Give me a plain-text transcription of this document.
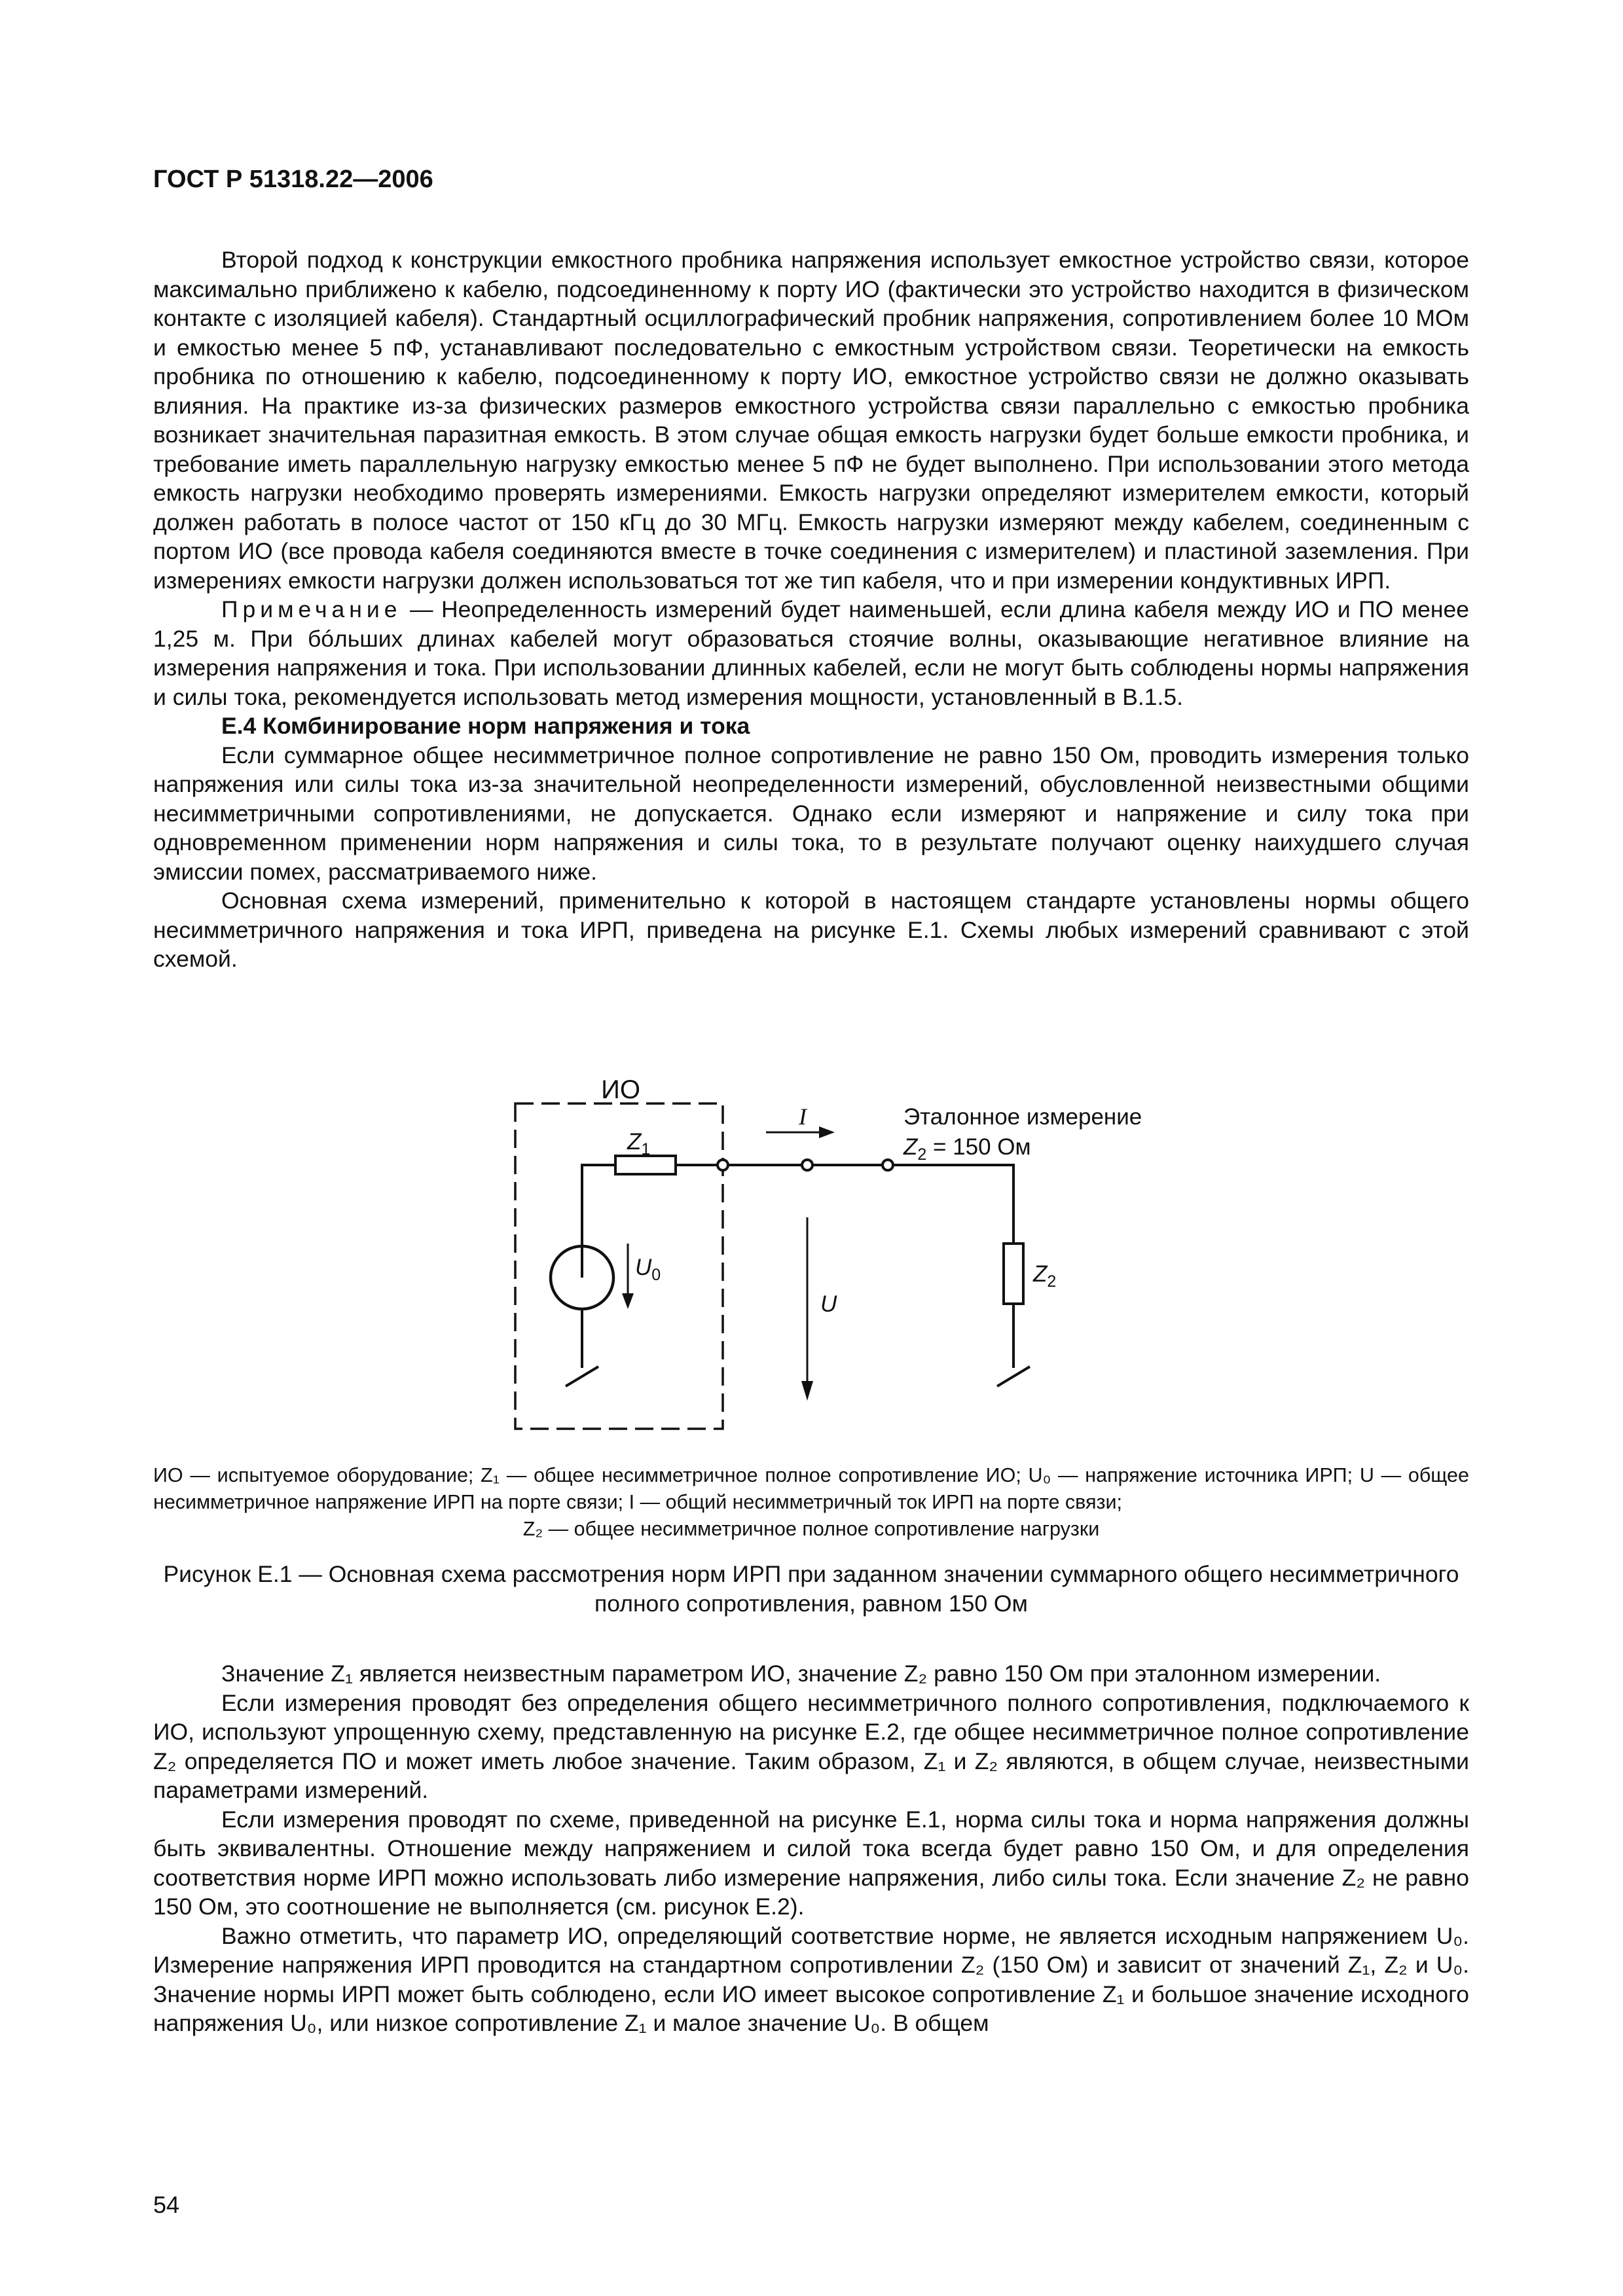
ГОСТ Р 51318.22—2006

Второй подход к конструкции емкостного пробника напряжения использует емкостное устройство связи, которое максимально приближено к кабелю, подсоединенному к порту ИО (фактически это устройство находится в физическом контакте с изоляцией кабеля). Стандартный осциллографический пробник напряжения, сопротивлением более 10 МОм и емкостью менее 5 пФ, устанавливают последовательно с емкостным устройством связи. Теоретически на емкость пробника по отношению к кабелю, подсоединенному к порту ИО, емкостное устройство связи не должно оказывать влияния. На практике из-за физических размеров емкостного устройства связи параллельно с емкостью пробника возникает значительная паразитная емкость. В этом случае общая емкость нагрузки будет больше емкости пробника, и требование иметь параллельную нагрузку емкостью менее 5 пФ не будет выполнено. При использовании этого метода емкость нагрузки необходимо проверять измерениями. Емкость нагрузки определяют измерителем емкости, который должен работать в полосе частот от 150 кГц до 30 МГц. Емкость нагрузки измеряют между кабелем, соединенным с портом ИО (все провода кабеля соединяются вместе в точке соединения с измерителем) и пластиной заземления. При измерениях емкости нагрузки должен использоваться тот же тип кабеля, что и при измерении кондуктивных ИРП.

Примечание — Неопределенность измерений будет наименьшей, если длина кабеля между ИО и ПО менее 1,25 м. При бóльших длинах кабелей могут образоваться стоячие волны, оказывающие негативное влияние на измерения напряжения и тока. При использовании длинных кабелей, если не могут быть соблюдены нормы напряжения и силы тока, рекомендуется использовать метод измерения мощности, установленный в В.1.5.

Е.4 Комбинирование норм напряжения и тока

Если суммарное общее несимметричное полное сопротивление не равно 150 Ом, проводить измерения только напряжения или силы тока из-за значительной неопределенности измерений, обусловленной неизвестными общими несимметричными сопротивлениями, не допускается. Однако если измеряют и напряжение и силу тока при одновременном применении норм напряжения и силы тока, то в результате получают оценку наихудшего случая эмиссии помех, рассматриваемого ниже.

Основная схема измерений, применительно к которой в настоящем стандарте установлены нормы общего несимметричного напряжения и тока ИРП, приведена на рисунке Е.1. Схемы любых измерений сравнивают с этой схемой.

ИО
Эталонное измерение
$Z_2 = 150$ Ом
$Z_1$
I
$U_0$
U
$Z_2$

ИО — испытуемое оборудование; Z₁ — общее несимметричное полное сопротивление ИО; U₀ — напряжение источника ИРП; U — общее несимметричное напряжение ИРП на порте связи; I — общий несимметричный ток ИРП на порте связи;

Z₂ — общее несимметричное полное сопротивление нагрузки

Рисунок Е.1 — Основная схема рассмотрения норм ИРП при заданном значении суммарного общего несимметричного полного сопротивления, равном 150 Ом

Значение Z₁ является неизвестным параметром ИО, значение Z₂ равно 150 Ом при эталонном измерении.

Если измерения проводят без определения общего несимметричного полного сопротивления, подключаемого к ИО, используют упрощенную схему, представленную на рисунке Е.2, где общее несимметричное полное сопротивление Z₂ определяется ПО и может иметь любое значение. Таким образом, Z₁ и Z₂ являются, в общем случае, неизвестными параметрами измерений.

Если измерения проводят по схеме, приведенной на рисунке Е.1, норма силы тока и норма напряжения должны быть эквивалентны. Отношение между напряжением и силой тока всегда будет равно 150 Ом, и для определения соответствия норме ИРП можно использовать либо измерение напряжения, либо силы тока. Если значение Z₂ не равно 150 Ом, это соотношение не выполняется (см. рисунок Е.2).

Важно отметить, что параметр ИО, определяющий соответствие норме, не является исходным напряжением U₀. Измерение напряжения ИРП проводится на стандартном сопротивлении Z₂ (150 Ом) и зависит от значений Z₁, Z₂ и U₀. Значение нормы ИРП может быть соблюдено, если ИО имеет высокое сопротивление Z₁ и большое значение исходного напряжения U₀, или низкое сопротивление Z₁ и малое значение U₀. В общем

54
